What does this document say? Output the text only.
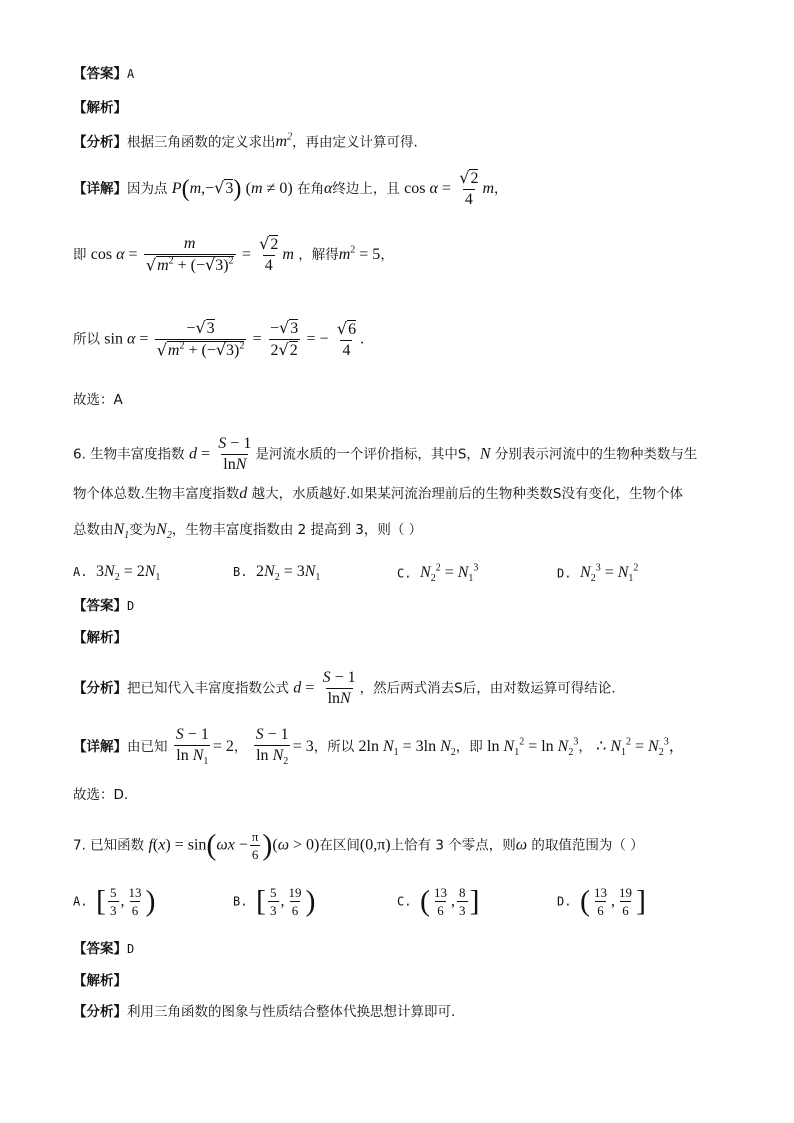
【答案】A
【解析】
【分析】根据三角函数的定义求出$m^2$，再由定义计算可得.
【详解】因为点 P(m,−√3) (m ≠ 0) 在角α终边上，且 $\cos \alpha = \frac{√2}{4}$ m，
即 $\cos \alpha = \frac{m}{√m^2 + (-√3)^2} = \frac{√2}{4}$ m ，解得$m^2 = 5$，
所以 $\sin \alpha = \frac{-√3}{√m^2 + (-√3)^2} = \frac{-√3}{2√2}$ = − $\frac{√6}{4}$ .
故选：A
6. 生物丰富度指数 $d = \frac{S - 1}{\ln N}$ 是河流水质的一个评价指标，其中S，N 分别表示河流中的生物种类数与生
物个体总数.生物丰富度指数d 越大，水质越好.如果某河流治理前后的生物种类数S没有变化，生物个体
总数由$N_1$变为$N_2$，生物丰富度指数由 2 提高到 3，则（ ）
A. $3N_2 = 2N_1$	B. $2N_2 = 3N_1$	C. $N_2^2 = N_1^3$	D. $N_2^3 = N_1^2$
【答案】D
【解析】
【分析】把已知代入丰富度指数公式 $d = \frac{S - 1}{\ln N}$ ，然后两式消去S后，由对数运算可得结论.
【详解】由已知 $\frac{S - 1}{\ln N_1} = 2$， $\frac{S - 1}{\ln N_2} = 3$，所以 2ln $N_1 = 3\ln$ $N_2$，即 $\ln N_1^2 = \ln N_2^3$， ∴ $N_1^2 = N_2^3$，
故选：D.
7. 已知函数 $f(x) = \sin(\omega x - \frac{\pi}{6} )(\omega > 0)$在区间(0,π)上恰有 3 个零点，则ω 的取值范围为（ ）
A. [ $\frac{5}{3}$ , $\frac{13}{6}$ )	B. [ $\frac{5}{3}$ , $\frac{19}{6}$ )	C. ( $\frac{13}{6}$ , $\frac{8}{3}$ ]	D. ( $\frac{13}{6}$ , $\frac{19}{6}$ ]
【答案】D
【解析】
【分析】利用三角函数的图象与性质结合整体代换思想计算即可.
